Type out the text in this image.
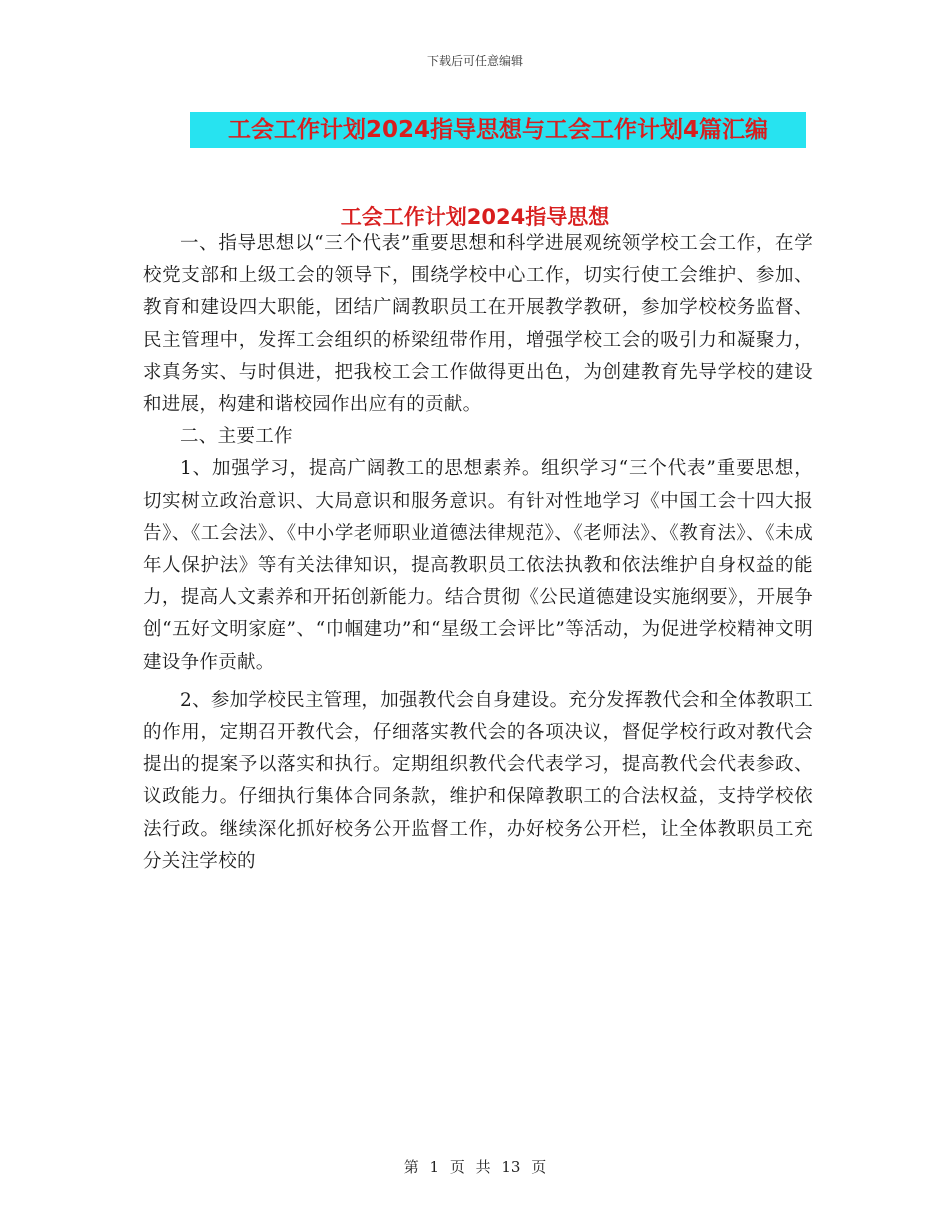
下载后可任意编辑
工会工作计划2024指导思想与工会工作计划4篇汇编
工会工作计划2024指导思想

一、指导思想以“三个代表”重要思想和科学进展观统领学校工会工作，在学校党支部和上级工会的领导下，围绕学校中心工作，切实行使工会维护、参加、教育和建设四大职能，团结广阔教职员工在开展教学教研，参加学校校务监督、民主管理中，发挥工会组织的桥梁纽带作用，增强学校工会的吸引力和凝聚力，求真务实、与时俱进，把我校工会工作做得更出色，为创建教育先导学校的建设和进展，构建和谐校园作出应有的贡献。

二、主要工作

1、加强学习，提高广阔教工的思想素养。组织学习“三个代表”重要思想，切实树立政治意识、大局意识和服务意识。有针对性地学习《中国工会十四大报告》、《工会法》、《中小学老师职业道德法律规范》、《老师法》、《教育法》、《未成年人保护法》等有关法律知识，提高教职员工依法执教和依法维护自身权益的能力，提高人文素养和开拓创新能力。结合贯彻《公民道德建设实施纲要》，开展争创“五好文明家庭”、“巾帼建功”和“星级工会评比”等活动，为促进学校精神文明建设争作贡献。

2、参加学校民主管理，加强教代会自身建设。充分发挥教代会和全体教职工的作用，定期召开教代会，仔细落实教代会的各项决议，督促学校行政对教代会提出的提案予以落实和执行。定期组织教代会代表学习，提高教代会代表参政、议政能力。仔细执行集体合同条款，维护和保障教职工的合法权益，支持学校依法行政。继续深化抓好校务公开监督工作，办好校务公开栏，让全体教职员工充分关注学校的

第 1 页 共 13 页
